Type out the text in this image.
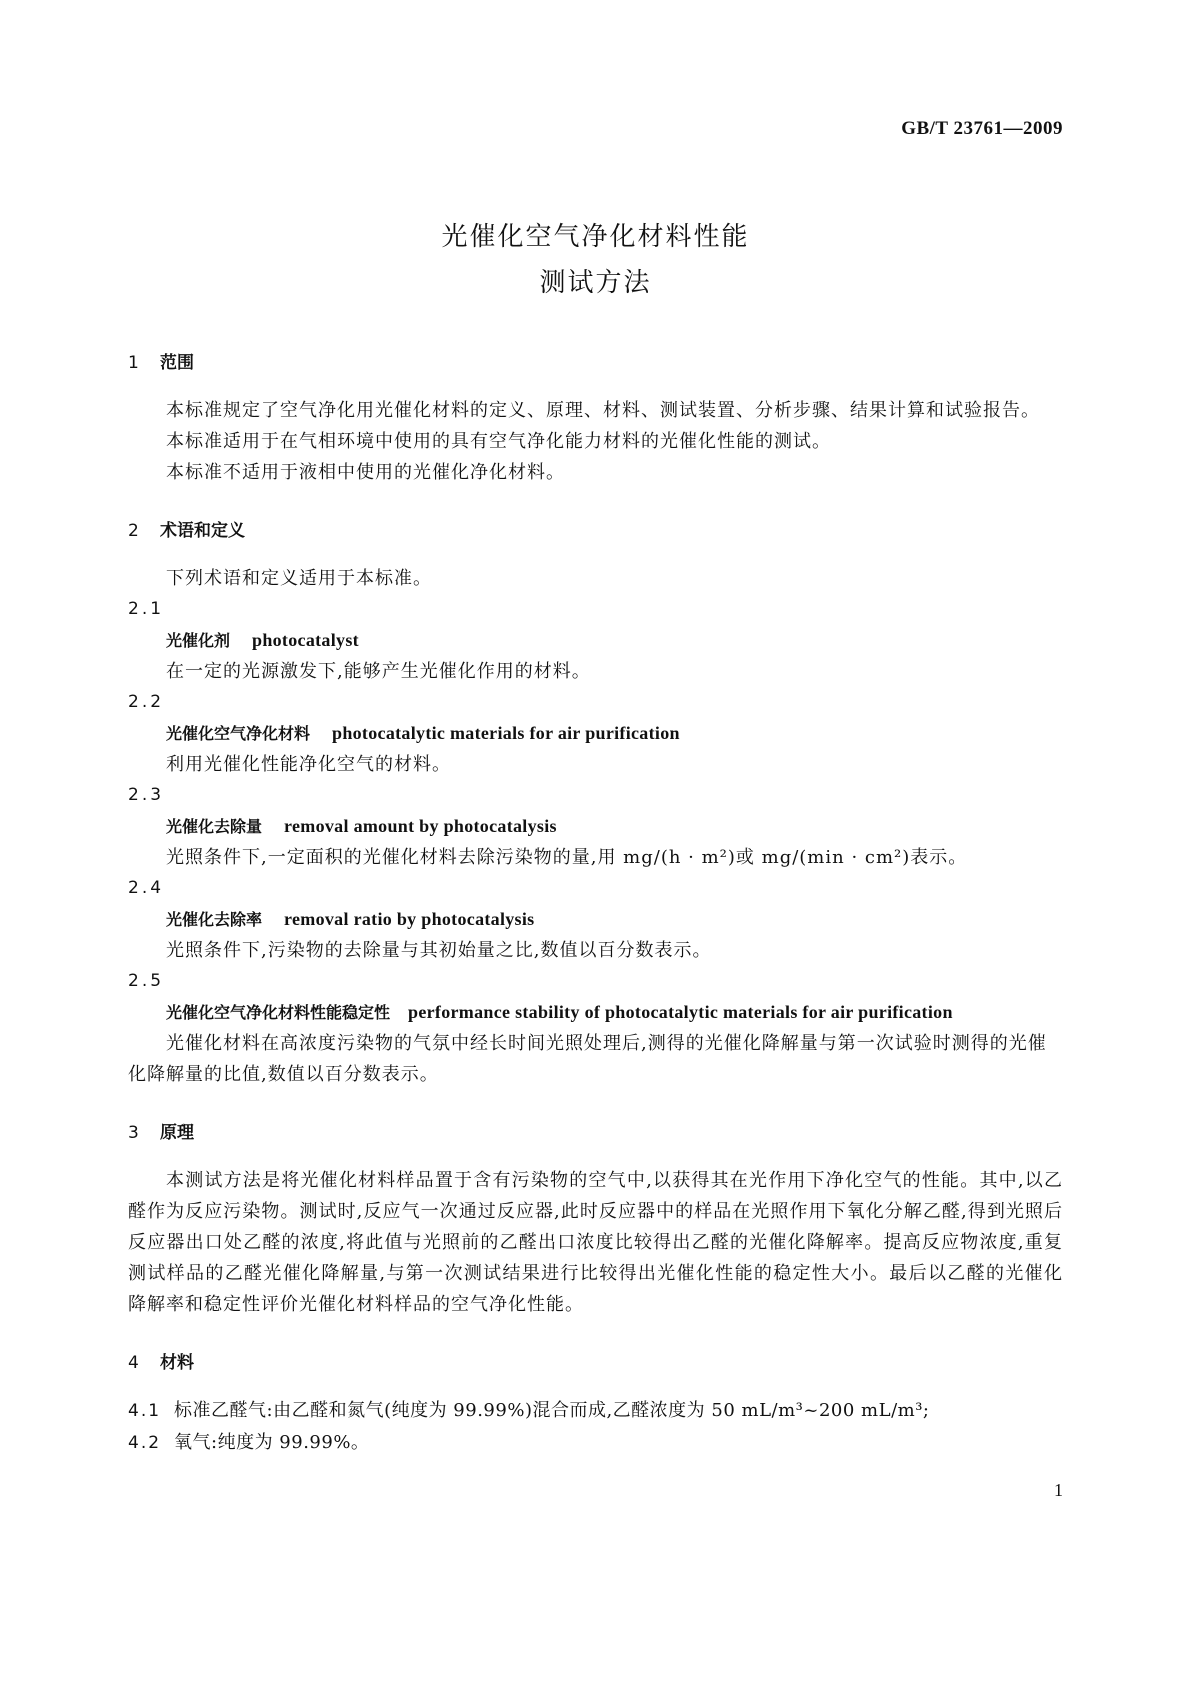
GB/T 23761—2009
光催化空气净化材料性能
测试方法
1 范围
本标准规定了空气净化用光催化材料的定义、原理、材料、测试装置、分析步骤、结果计算和试验报告。
本标准适用于在气相环境中使用的具有空气净化能力材料的光催化性能的测试。
本标准不适用于液相中使用的光催化净化材料。
2 术语和定义
下列术语和定义适用于本标准。
2.1
光催化剂 photocatalyst
在一定的光源激发下,能够产生光催化作用的材料。
2.2
光催化空气净化材料 photocatalytic materials for air purification
利用光催化性能净化空气的材料。
2.3
光催化去除量 removal amount by photocatalysis
光照条件下,一定面积的光催化材料去除污染物的量,用 mg/(h · m²)或 mg/(min · cm²)表示。
2.4
光催化去除率 removal ratio by photocatalysis
光照条件下,污染物的去除量与其初始量之比,数值以百分数表示。
2.5
光催化空气净化材料性能稳定性 performance stability of photocatalytic materials for air purification
光催化材料在高浓度污染物的气氛中经长时间光照处理后,测得的光催化降解量与第一次试验时测得的光催化降解量的比值,数值以百分数表示。
3 原理
本测试方法是将光催化材料样品置于含有污染物的空气中,以获得其在光作用下净化空气的性能。其中,以乙醛作为反应污染物。测试时,反应气一次通过反应器,此时反应器中的样品在光照作用下氧化分解乙醛,得到光照后反应器出口处乙醛的浓度,将此值与光照前的乙醛出口浓度比较得出乙醛的光催化降解率。提高反应物浓度,重复测试样品的乙醛光催化降解量,与第一次测试结果进行比较得出光催化性能的稳定性大小。最后以乙醛的光催化降解率和稳定性评价光催化材料样品的空气净化性能。
4 材料
4.1 标准乙醛气:由乙醛和氮气(纯度为 99.99%)混合而成,乙醛浓度为 50 mL/m³~200 mL/m³;
4.2 氧气:纯度为 99.99%。
1
